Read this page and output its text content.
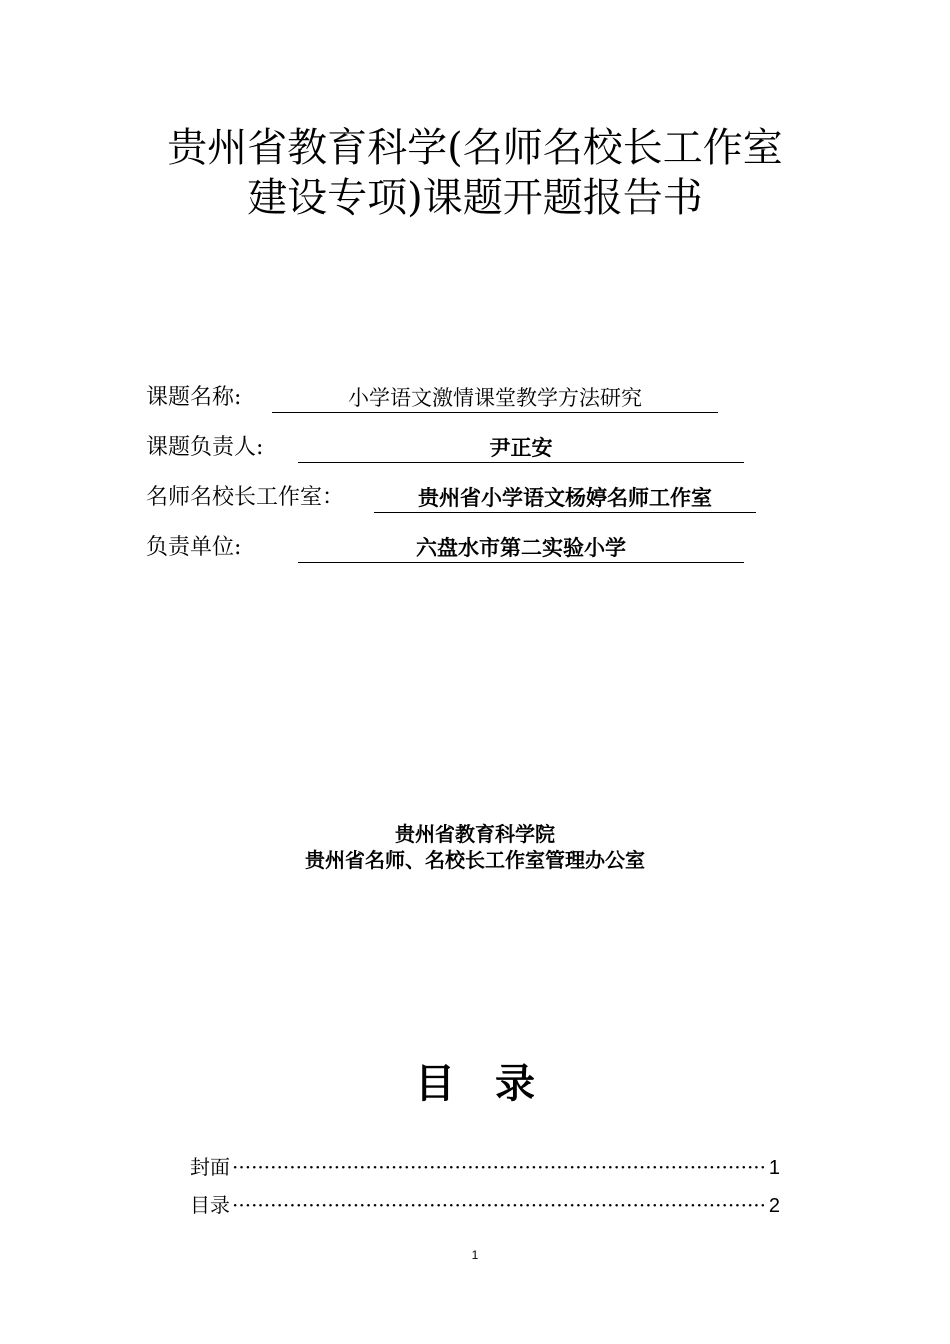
贵州省教育科学(名师名校长工作室
建设专项)课题开题报告书
课题名称:	小学语文激情课堂教学方法研究
课题负责人:	尹正安
名师名校长工作室：	贵州省小学语文杨婷名师工作室
负责单位:	六盘水市第二实验小学
贵州省教育科学院
贵州省名师、名校长工作室管理办公室
目录
封面 ·····	1
目录 ·····	2
1
